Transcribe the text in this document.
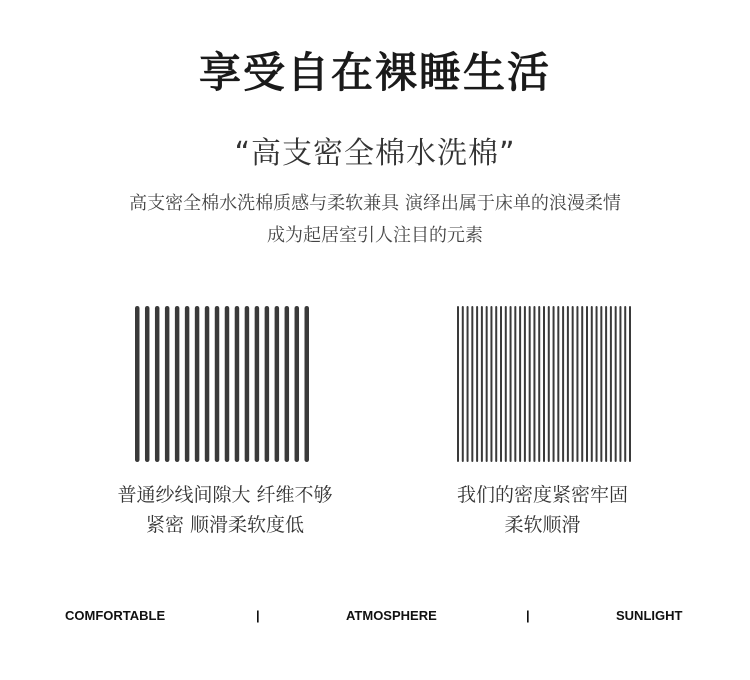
享受自在裸睡生活
“高支密全棉水洗棉”
高支密全棉水洗棉质感与柔软兼具 演绎出属于床单的浪漫柔情
成为起居室引人注目的元素
普通纱线间隙大 纤维不够
紧密 顺滑柔软度低
我们的密度紧密牢固
柔软顺滑
COMFORTABLE	|	ATMOSPHERE	|	SUNLIGHT
